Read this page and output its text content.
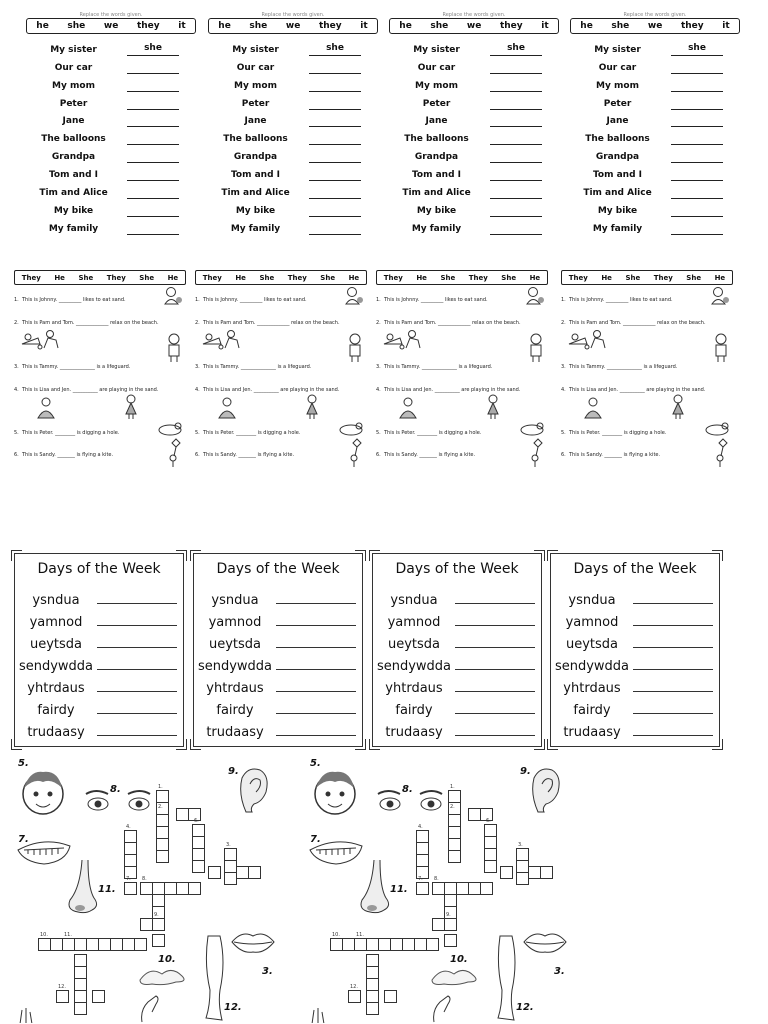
Replace the words given.
he she we they it
My sister	she
Our car
My mom
Peter
Jane
The balloons
Grandpa
Tom and I
Tim and Alice
My bike
My family
Replace the words given.
he she we they it
My sister	she
Our car
My mom
Peter
Jane
The balloons
Grandpa
Tom and I
Tim and Alice
My bike
My family
Replace the words given.
he she we they it
My sister	she
Our car
My mom
Peter
Jane
The balloons
Grandpa
Tom and I
Tim and Alice
My bike
My family
Replace the words given.
he she we they it
My sister	she
Our car
My mom
Peter
Jane
The balloons
Grandpa
Tom and I
Tim and Alice
My bike
My family
They He She They She He
1. This is Johnny. _________ likes to eat sand.
2. This is Pam and Tom. _____________ relax on the beach.
3. This is Tammy. ______________ is a lifeguard.
4. This is Lisa and Jen. __________ are playing in the sand.
5. This is Peter. ________ is digging a hole.
6. This is Sandy. _______ is flying a kite.
They He She They She He
1. This is Johnny. _________ likes to eat sand.
2. This is Pam and Tom. _____________ relax on the beach.
3. This is Tammy. ______________ is a lifeguard.
4. This is Lisa and Jen. __________ are playing in the sand.
5. This is Peter. ________ is digging a hole.
6. This is Sandy. _______ is flying a kite.
They He She They She He
1. This is Johnny. _________ likes to eat sand.
2. This is Pam and Tom. _____________ relax on the beach.
3. This is Tammy. ______________ is a lifeguard.
4. This is Lisa and Jen. __________ are playing in the sand.
5. This is Peter. ________ is digging a hole.
6. This is Sandy. _______ is flying a kite.
They He She They She He
1. This is Johnny. _________ likes to eat sand.
2. This is Pam and Tom. _____________ relax on the beach.
3. This is Tammy. ______________ is a lifeguard.
4. This is Lisa and Jen. __________ are playing in the sand.
5. This is Peter. ________ is digging a hole.
6. This is Sandy. _______ is flying a kite.
Days of the Week
ysndua
yamnod
ueytsda
sendywdda
yhtrdaus
fairdy
trudaasy
Days of the Week
ysndua
yamnod
ueytsda
sendywdda
yhtrdaus
fairdy
trudaasy
Days of the Week
ysndua
yamnod
ueytsda
sendywdda
yhtrdaus
fairdy
trudaasy
Days of the Week
ysndua
yamnod
ueytsda
sendywdda
yhtrdaus
fairdy
trudaasy
5.
8.
9.
7.
11.
10.
3.
12.
1.
2.
4.
6.
7. 8.
3.
9.
10.	11.
12.
5.
8.
9.
7.
11.
10.
3.
12.
1.
2.
4.
6.
7. 8.
3.
9.
10.	11.
12.
